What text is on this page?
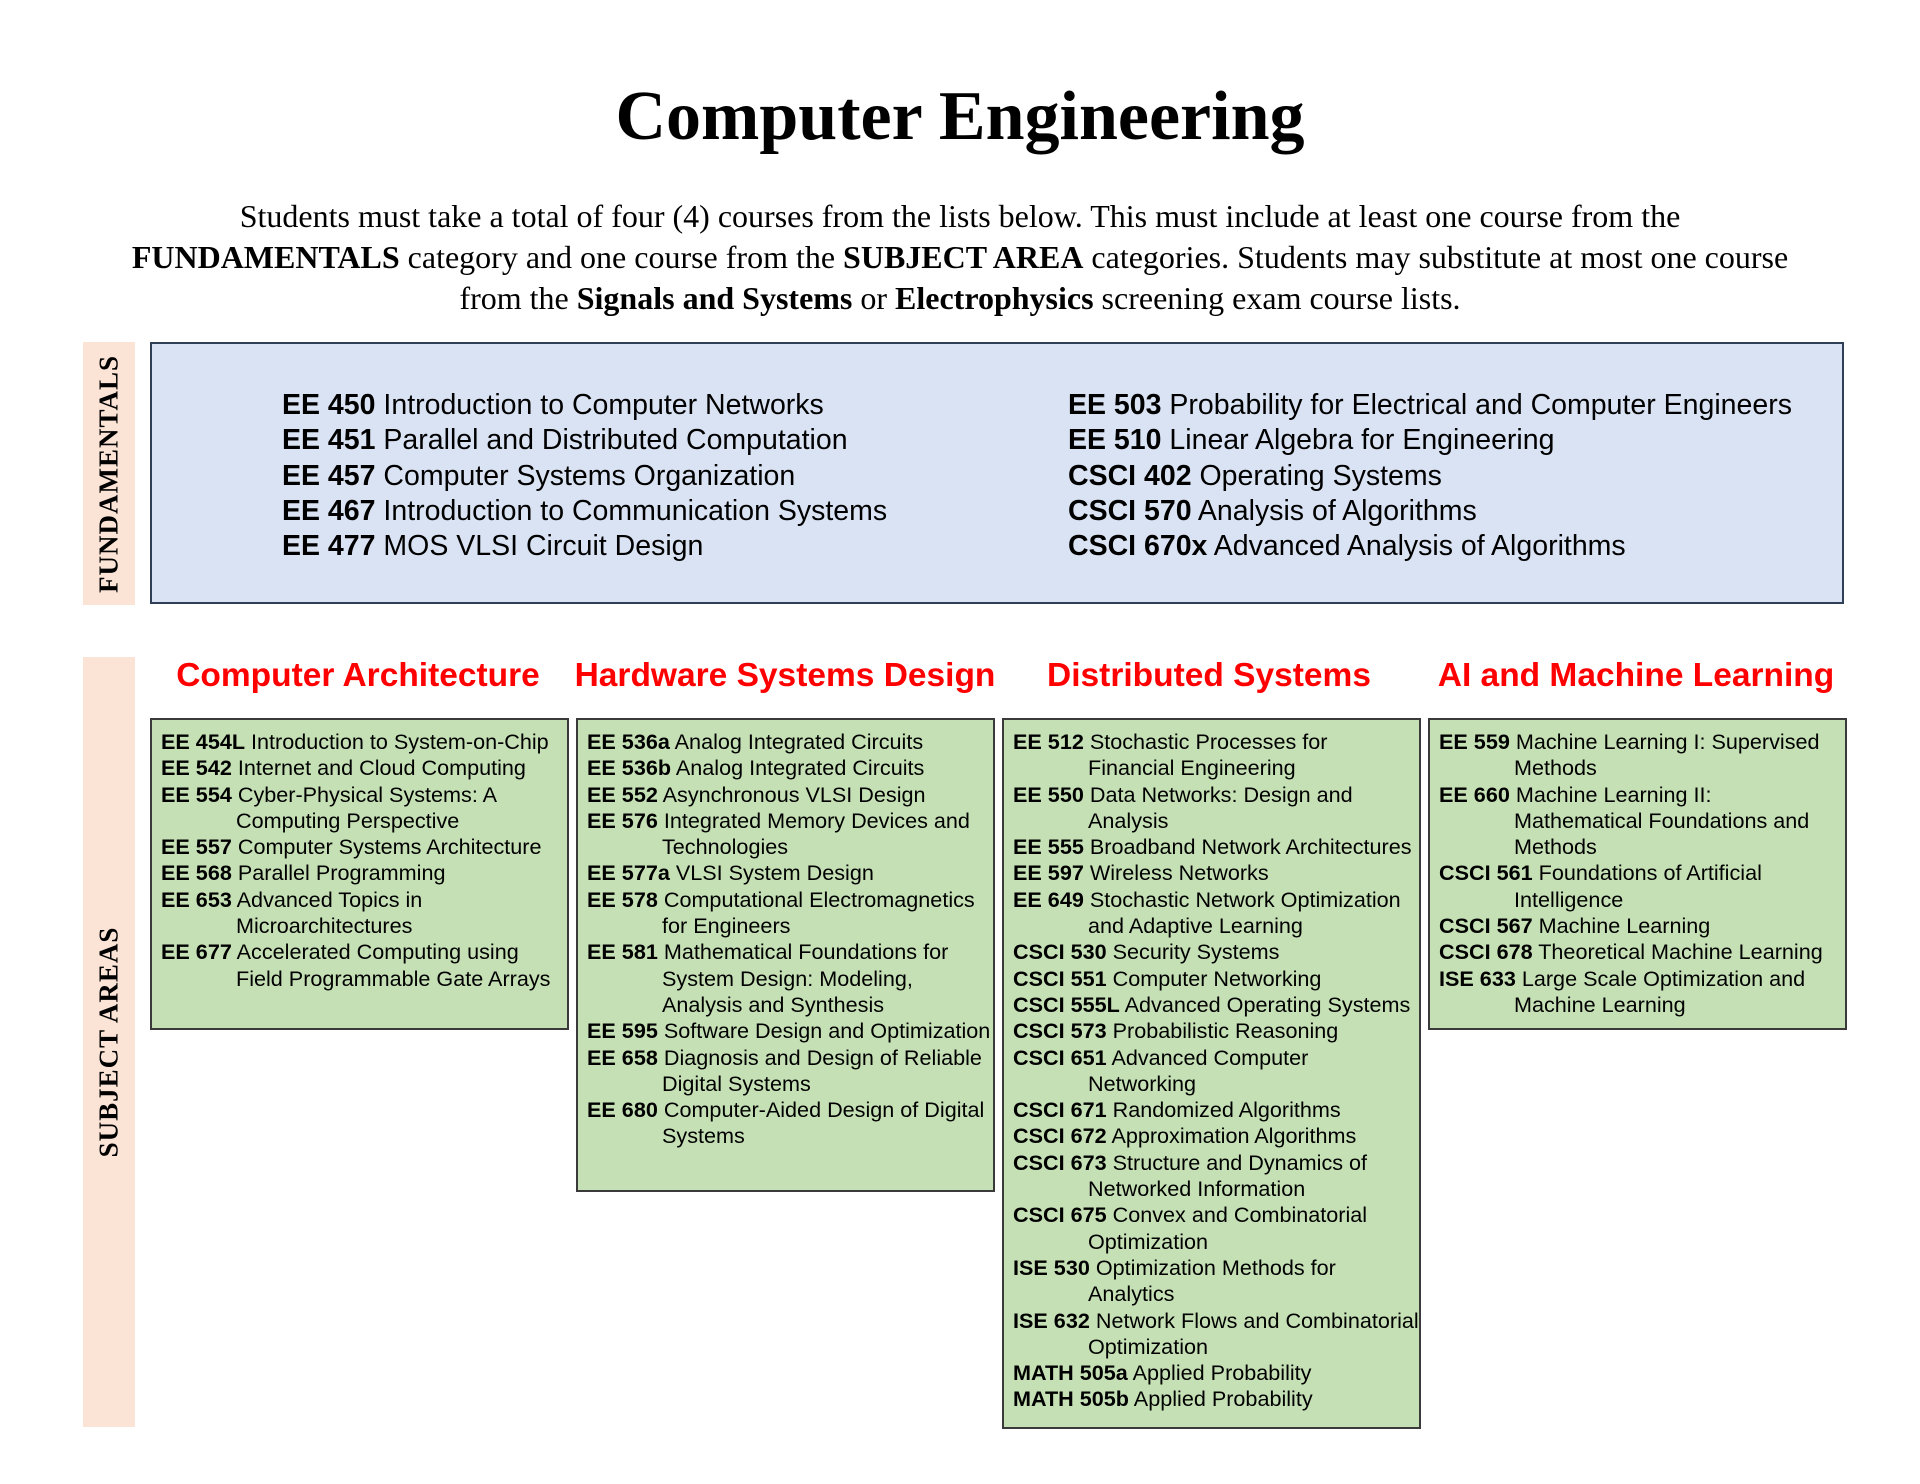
Computer Engineering
Students must take a total of four (4) courses from the lists below. This must include at least one course from the
FUNDAMENTALS category and one course from the SUBJECT AREA categories. Students may substitute at most one course from the Signals and Systems or Electrophysics screening exam course lists.
FUNDAMENTALS
SUBJECT AREAS
EE 450 Introduction to Computer Networks
EE 451 Parallel and Distributed Computation
EE 457 Computer Systems Organization
EE 467 Introduction to Communication Systems
EE 477 MOS VLSI Circuit Design
EE 503 Probability for Electrical and Computer Engineers
EE 510 Linear Algebra for Engineering
CSCI 402 Operating Systems
CSCI 570 Analysis of Algorithms
CSCI 670x Advanced Analysis of Algorithms
Computer Architecture	Hardware Systems Design	Distributed Systems	AI and Machine Learning
EE 454L Introduction to System-on-Chip
EE 542 Internet and Cloud Computing
EE 554 Cyber-Physical Systems: A Computing Perspective
EE 557 Computer Systems Architecture
EE 568 Parallel Programming
EE 653 Advanced Topics in Microarchitectures
EE 677 Accelerated Computing using Field Programmable Gate Arrays
EE 536a Analog Integrated Circuits
EE 536b Analog Integrated Circuits
EE 552 Asynchronous VLSI Design
EE 576 Integrated Memory Devices and Technologies
EE 577a VLSI System Design
EE 578 Computational Electromagnetics for Engineers
EE 581 Mathematical Foundations for System Design: Modeling, Analysis and Synthesis
EE 595 Software Design and Optimization
EE 658 Diagnosis and Design of Reliable Digital Systems
EE 680 Computer-Aided Design of Digital Systems
EE 512 Stochastic Processes for Financial Engineering
EE 550 Data Networks: Design and Analysis
EE 555 Broadband Network Architectures
EE 597 Wireless Networks
EE 649 Stochastic Network Optimization and Adaptive Learning
CSCI 530 Security Systems
CSCI 551 Computer Networking
CSCI 555L Advanced Operating Systems
CSCI 573 Probabilistic Reasoning
CSCI 651 Advanced Computer Networking
CSCI 671 Randomized Algorithms
CSCI 672 Approximation Algorithms
CSCI 673 Structure and Dynamics of Networked Information
CSCI 675 Convex and Combinatorial Optimization
ISE 530 Optimization Methods for Analytics
ISE 632 Network Flows and Combinatorial Optimization
MATH 505a Applied Probability
MATH 505b Applied Probability
EE 559 Machine Learning I: Supervised Methods
EE 660 Machine Learning II: Mathematical Foundations and Methods
CSCI 561 Foundations of Artificial Intelligence
CSCI 567 Machine Learning
CSCI 678 Theoretical Machine Learning
ISE 633 Large Scale Optimization and Machine Learning
